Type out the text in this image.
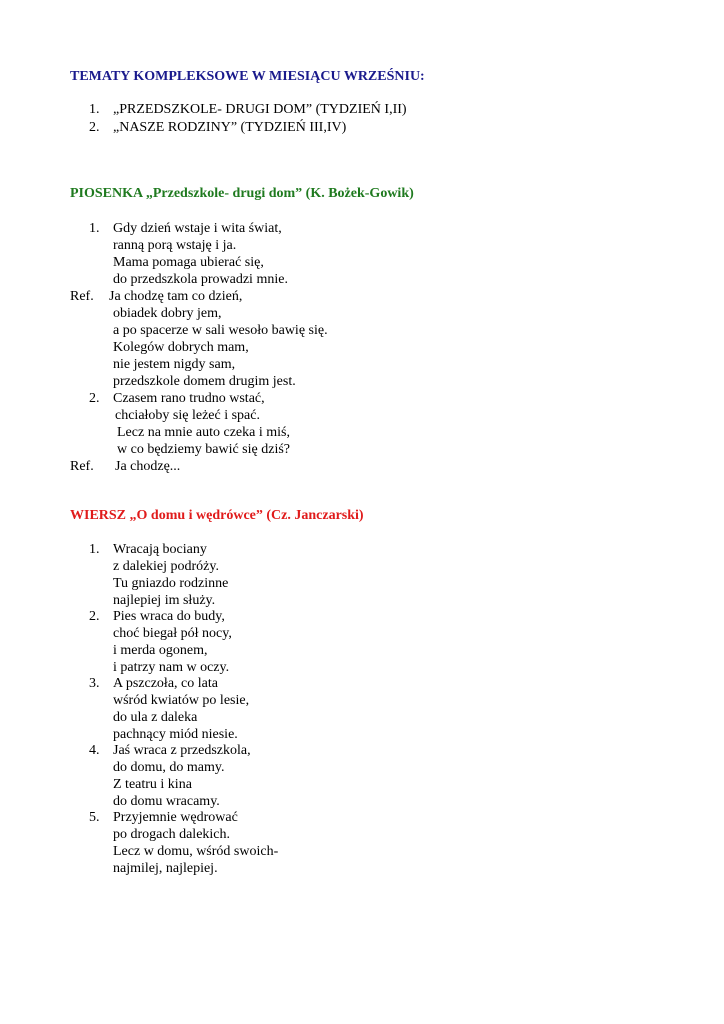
TEMATY KOMPLEKSOWE W MIESIĄCU WRZEŚNIU:
1. „PRZEDSZKOLE- DRUGI DOM” (TYDZIEŃ I,II)
2. „NASZE RODZINY” (TYDZIEŃ III,IV)
PIOSENKA „Przedszkole- drugi dom” (K. Bożek-Gowik)
1. Gdy dzień wstaje i wita świat,
ranną porą wstaję i ja.
Mama pomaga ubierać się,
do przedszkola prowadzi mnie.
Ref. Ja chodzę tam co dzień,
obiadek dobry jem,
a po spacerze w sali wesoło bawię się.
Kolegów dobrych mam,
nie jestem nigdy sam,
przedszkole domem drugim jest.
2. Czasem rano trudno wstać,
chciałoby się leżeć i spać.
Lecz na mnie auto czeka i miś,
w co będziemy bawić się dziś?
Ref. Ja chodzę...
WIERSZ „O domu i wędrówce” (Cz. Janczarski)
1. Wracają bociany
z dalekiej podróży.
Tu gniazdo rodzinne
najlepiej im służy.
2. Pies wraca do budy,
choć biegał pół nocy,
i merda ogonem,
i patrzy nam w oczy.
3. A pszczoła, co lata
wśród kwiatów po lesie,
do ula z daleka
pachnący miód niesie.
4. Jaś wraca z przedszkola,
do domu, do mamy.
Z teatru i kina
do domu wracamy.
5. Przyjemnie wędrować
po drogach dalekich.
Lecz w domu, wśród swoich-
najmilej, najlepiej.
